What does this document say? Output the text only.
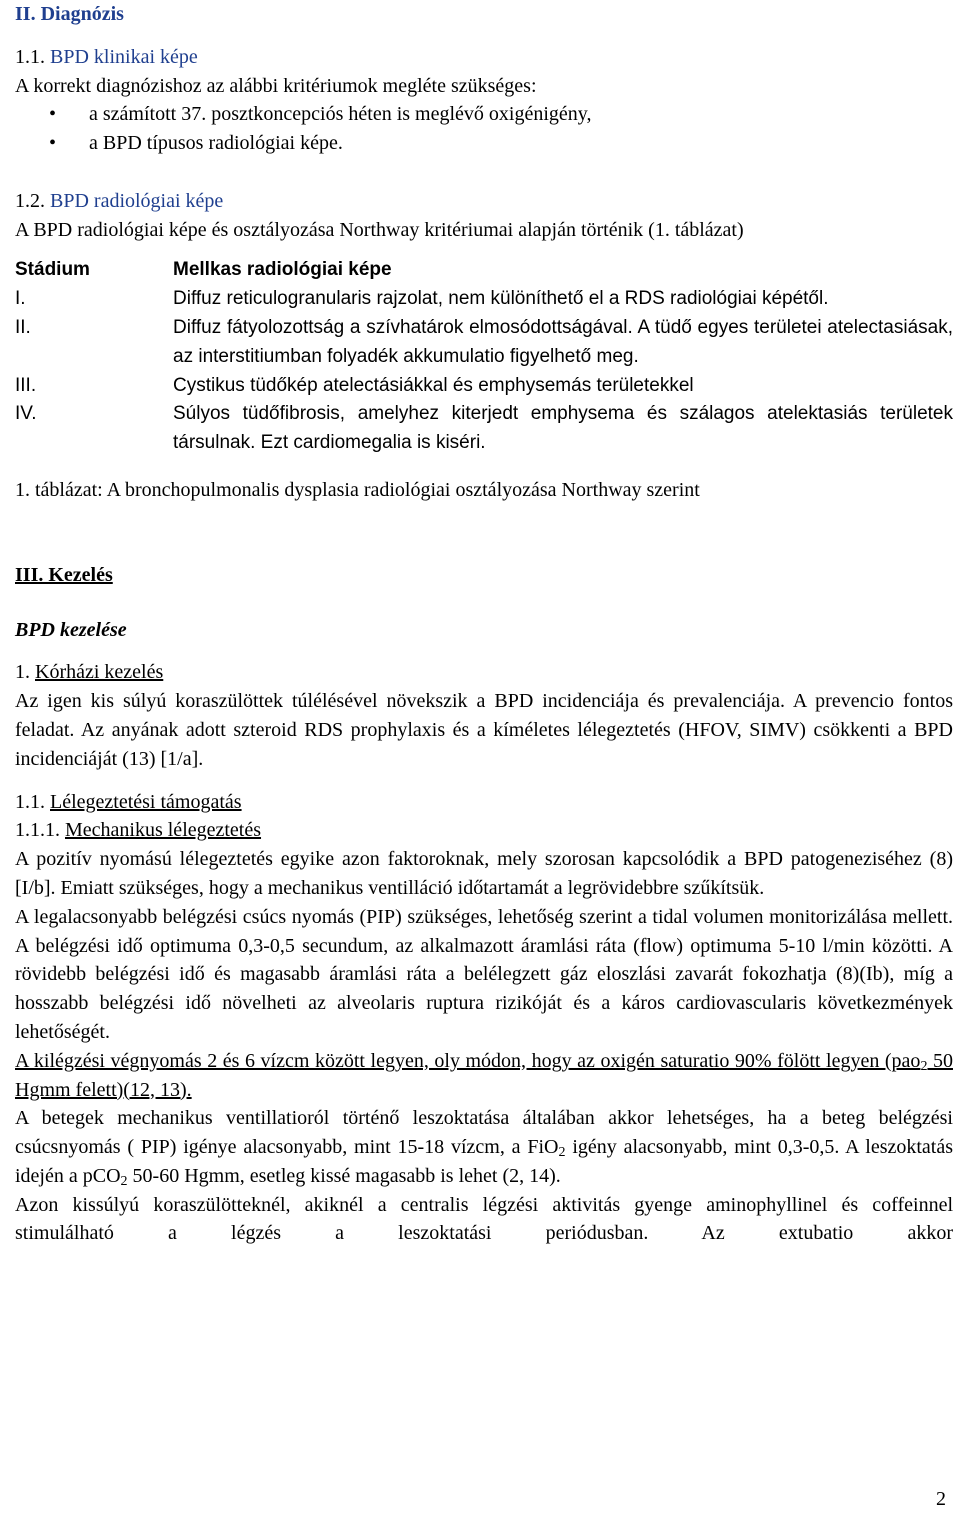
II. Diagnózis

1.1. BPD klinikai képe

A korrekt diagnózishoz az alábbi kritériumok megléte szükséges:

• a számított 37. posztkoncepciós héten is meglévő oxigénigény,
• a BPD típusos radiológiai képe.

1.2. BPD radiológiai képe

A BPD radiológiai képe és osztályozása Northway kritériumai alapján történik (1. táblázat)

Stádium	Mellkas radiológiai képe
I.	Diffuz reticulogranularis rajzolat, nem különíthető el a RDS radiológiai képétől.
II.	Diffuz fátyolozottság a szívhatárok elmosódottságával. A tüdő egyes területei atelectasiásak, az interstitiumban folyadék akkumulatio figyelhető meg.
III.	Cystikus tüdőkép atelectásiákkal és emphysemás területekkel
IV.	Súlyos tüdőfibrosis, amelyhez kiterjedt emphysema és szálagos atelektasiás területek társulnak. Ezt cardiomegalia is kiséri.

1. táblázat: A bronchopulmonalis dysplasia radiológiai osztályozása Northway szerint

III. Kezelés

BPD kezelése

1. Kórházi kezelés

Az igen kis súlyú koraszülöttek túlélésével növekszik a BPD incidenciája és prevalenciája. A prevencio fontos feladat. Az anyának adott szteroid RDS prophylaxis és a kíméletes lélegeztetés (HFOV, SIMV) csökkenti a BPD incidenciáját (13) [1/a].

1.1. Lélegeztetési támogatás

1.1.1. Mechanikus lélegeztetés

A pozitív nyomású lélegeztetés egyike azon faktoroknak, mely szorosan kapcsolódik a BPD patogeneziséhez (8) [I/b]. Emiatt szükséges, hogy a mechanikus ventilláció időtartamát a legrövidebbre szűkítsük.

A legalacsonyabb belégzési csúcs nyomás (PIP) szükséges, lehetőség szerint a tidal volumen monitorizálása mellett. A belégzési idő optimuma 0,3-0,5 secundum, az alkalmazott áramlási ráta (flow) optimuma 5-10 l/min közötti. A rövidebb belégzési idő és magasabb áramlási ráta a belélegzett gáz eloszlási zavarát fokozhatja (8)(Ib), míg a hosszabb belégzési idő növelheti az alveolaris ruptura rizikóját és a káros cardiovascularis következmények lehetőségét.

A kilégzési végnyomás 2 és 6 vízcm között legyen, oly módon, hogy az oxigén saturatio 90% fölött legyen (pao$_2$ 50 Hgmm felett)(12, 13).

A betegek mechanikus ventillatioról történő leszoktatása általában akkor lehetséges, ha a beteg belégzési csúcsnyomás ( PIP) igénye alacsonyabb, mint 15-18 vízcm, a FiO$_2$ igény alacsonyabb, mint 0,3-0,5. A leszoktatás idején a pCO$_2$ 50-60 Hgmm, esetleg kissé magasabb is lehet (2, 14).

Azon kissúlyú koraszülötteknél, akiknél a centralis légzési aktivitás gyenge aminophyllinel és coffeinnel stimulálható a légzés a leszoktatási periódusban. Az extubatio akkor

2
